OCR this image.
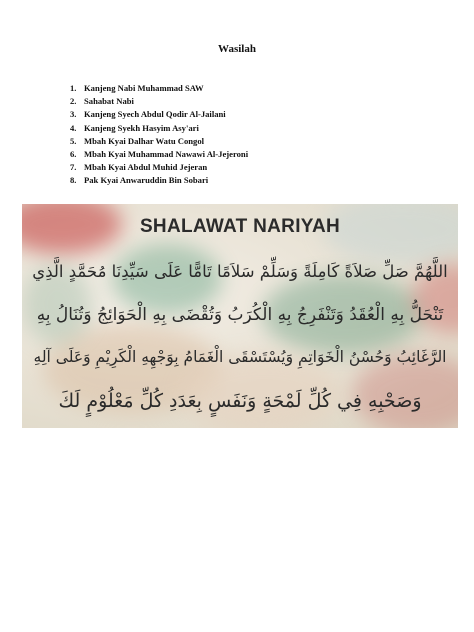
Wasilah
1. Kanjeng Nabi Muhammad SAW
2. Sahabat Nabi
3. Kanjeng Syech Abdul Qodir Al-Jailani
4. Kanjeng Syekh Hasyim Asy'ari
5. Mbah Kyai Dalhar Watu Congol
6. Mbah Kyai Muhammad Nawawi Al-Jejeroni
7. Mbah Kyai Abdul Muhid Jejeran
8. Pak Kyai Anwaruddin Bin Sobari
SHALAWAT NARIYAH

اللَّهُمَّ صَلِّ صَلاَةً كَامِلَةً وَسَلِّمْ سَلاَمًا تَامًّا عَلَى سَيِّدِنَا مُحَمَّدٍ الَّذِي

تَنْحَلُّ بِهِ الْعُقَدُ وَتَنْفَرِجُ بِهِ الْكُرَبُ وَتُقْضَى بِهِ الْحَوَائِجُ وَتُنَالُ بِهِ

الرَّغَائِبُ وَحُسْنُ الْخَوَاتِمِ وَيُسْتَسْقَى الْغَمَامُ بِوَجْهِهِ الْكَرِيْمِ وَعَلَى آلِهِ

وَصَحْبِهِ فِي كُلِّ لَمْحَةٍ وَنَفَسٍ بِعَدَدِ كُلِّ مَعْلُوْمٍ لَكَ
